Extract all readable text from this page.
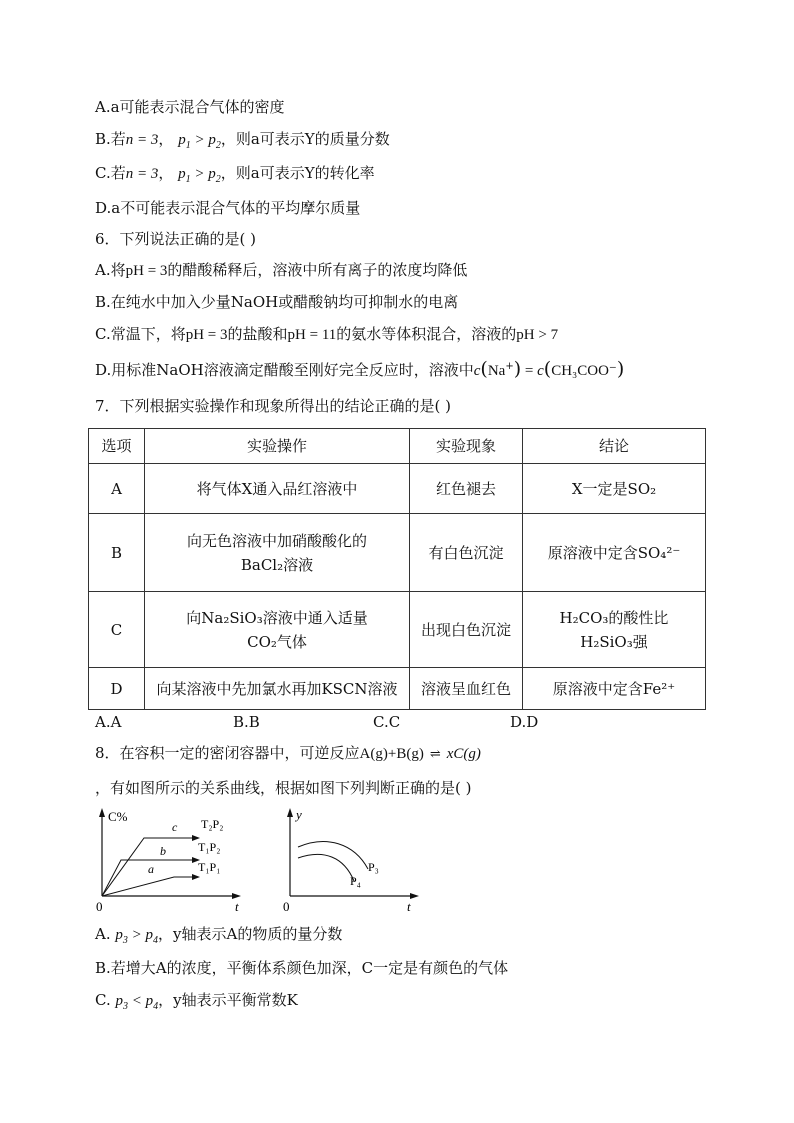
A.a可能表示混合气体的密度
B.若n = 3， $p_1 > p_2$，则a可表示Y的质量分数
C.若n = 3， $p_1 > p_2$，则a可表示Y的转化率
D.a不可能表示混合气体的平均摩尔质量
6．下列说法正确的是( )
A.将pH = 3的醋酸稀释后，溶液中所有离子的浓度均降低
B.在纯水中加入少量NaOH或醋酸钠均可抑制水的电离
C.常温下，将pH = 3的盐酸和pH = 11的氨水等体积混合，溶液的pH > 7
D.用标准NaOH溶液滴定醋酸至刚好完全反应时，溶液中c(Na+) = c(CH₃COO⁻)
7．下列根据实验操作和现象所得出的结论正确的是( )
选项	实验操作	实验现象	结论
A	将气体X通入品红溶液中	红色褪去	X一定是SO₂
B	向无色溶液中加硝酸酸化的BaCl₂溶液	有白色沉淀	原溶液中定含SO₄²⁻
C	向Na₂SiO₃溶液中通入适量CO₂气体	出现白色沉淀	H₂CO₃的酸性比H₂SiO₃强
D	向某溶液中先加氯水再加KSCN溶液	溶液呈血红色	原溶液中定含Fe²⁺
A.A	B.B	C.C	D.D
8．在容积一定的密闭容器中，可逆反应A(g)+B(g) ⇌ xC(g)
，有如图所示的关系曲线，根据如图下列判断正确的是( )
C%
0	t
c
b
a
T₂P₂
T₁P₂
T₁P₁
y
0	t
P₃
P₄
A. $p_3 > p_4$，y轴表示A的物质的量分数
B.若增大A的浓度，平衡体系颜色加深，C一定是有颜色的气体
C. $p_3 < p_4$，y轴表示平衡常数K
